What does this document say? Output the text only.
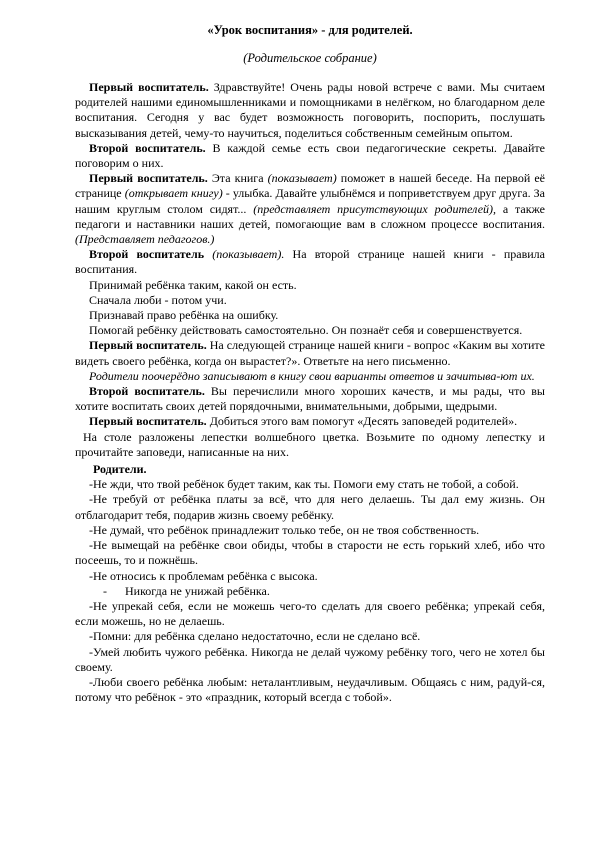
«Урок воспитания» - для родителей.
(Родительское собрание)

Первый воспитатель. Здравствуйте! Очень рады новой встрече с вами. Мы считаем родителей нашими единомышленниками и помощниками в нелёгком, но благодарном деле воспитания. Сегодня у вас будет возможность поговорить, поспорить, послушать высказывания детей, чему-то научиться, поделиться собственным семейным опытом.

Второй воспитатель. В каждой семье есть свои педагогические секреты. Давайте поговорим о них.

Первый воспитатель. Эта книга (показывает) поможет в нашей беседе. На первой её странице (открывает книгу) - улыбка. Давайте улыбнёмся и поприветствуем друг друга. За нашим круглым столом сидят... (представляет присутствующих родителей), а также педагоги и наставники наших детей, помогающие вам в сложном процессе воспитания. (Представляет педагогов.)

Второй воспитатель (показывает). На второй странице нашей книги - правила воспитания.

Принимай ребёнка таким, какой он есть.

Сначала люби - потом учи.

Признавай право ребёнка на ошибку.

Помогай ребёнку действовать самостоятельно. Он познаёт себя и совершенствуется.

Первый воспитатель. На следующей странице нашей книги - вопрос «Каким вы хотите видеть своего ребёнка, когда он вырастет?». Ответьте на него письменно.

Родители поочерёдно записывают в книгу свои варианты ответов и зачитыва-ют их.

Второй воспитатель. Вы перечислили много хороших качеств, и мы рады, что вы хотите воспитать своих детей порядочными, внимательными, добрыми, щедрыми.

Первый воспитатель. Добиться этого вам помогут «Десять заповедей родителей».

На столе разложены лепестки волшебного цветка. Возьмите по одному лепестку и прочитайте заповеди, написанные на них.

Родители.

-Не жди, что твой ребёнок будет таким, как ты. Помоги ему стать не тобой, а собой.

-Не требуй от ребёнка платы за всё, что для него делаешь. Ты дал ему жизнь. Он отблагодарит тебя, подарив жизнь своему ребёнку.

-Не думай, что ребёнок принадлежит только тебе, он не твоя собственность.

-Не вымещай на ребёнке свои обиды, чтобы в старости не есть горький хлеб, ибо что посеешь, то и пожнёшь.

-Не относись к проблемам ребёнка с высока.

- Никогда не унижай ребёнка.

-Не упрекай себя, если не можешь чего-то сделать для своего ребёнка; упрекай себя, если можешь, но не делаешь.

-Помни: для ребёнка сделано недостаточно, если не сделано всё.

-Умей любить чужого ребёнка. Никогда не делай чужому ребёнку того, чего не хотел бы своему.

-Люби своего ребёнка любым: неталантливым, неудачливым. Общаясь с ним, радуй-ся, потому что ребёнок - это «праздник, который всегда с тобой».
